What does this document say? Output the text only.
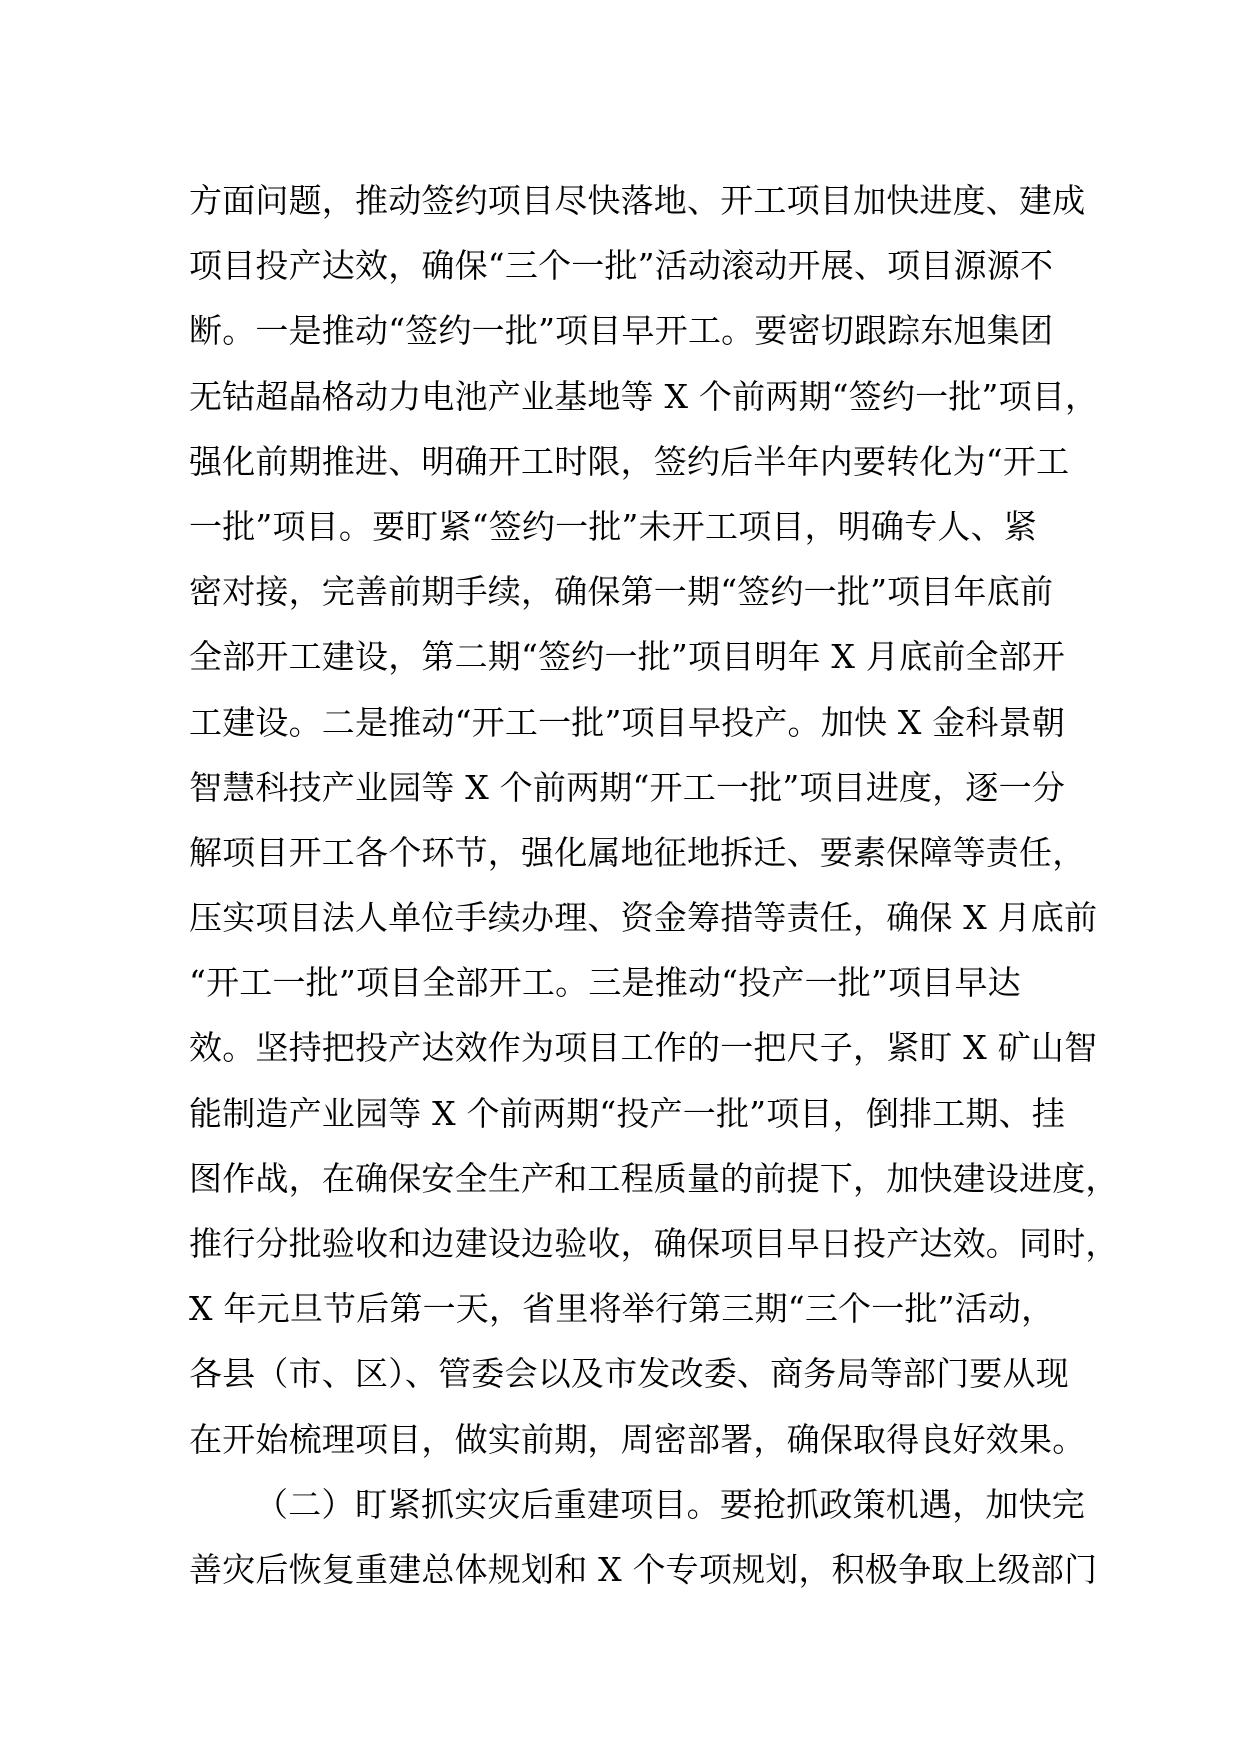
方面问题，推动签约项目尽快落地、开工项目加快进度、建成
项目投产达效，确保“三个一批”活动滚动开展、项目源源不
断。一是推动“签约一批”项目早开工。要密切跟踪东旭集团
无钴超晶格动力电池产业基地等 X 个前两期“签约一批”项目，
强化前期推进、明确开工时限，签约后半年内要转化为“开工
一批”项目。要盯紧“签约一批”未开工项目，明确专人、紧
密对接，完善前期手续，确保第一期“签约一批”项目年底前
全部开工建设，第二期“签约一批”项目明年 X 月底前全部开
工建设。二是推动“开工一批”项目早投产。加快 X 金科景朝
智慧科技产业园等 X 个前两期“开工一批”项目进度，逐一分
解项目开工各个环节，强化属地征地拆迁、要素保障等责任，
压实项目法人单位手续办理、资金筹措等责任，确保 X 月底前
“开工一批”项目全部开工。三是推动“投产一批”项目早达
效。坚持把投产达效作为项目工作的一把尺子，紧盯 X 矿山智
能制造产业园等 X 个前两期“投产一批”项目，倒排工期、挂
图作战，在确保安全生产和工程质量的前提下，加快建设进度，
推行分批验收和边建设边验收，确保项目早日投产达效。同时，
X 年元旦节后第一天，省里将举行第三期“三个一批”活动，
各县（市、区）、管委会以及市发改委、商务局等部门要从现
在开始梳理项目，做实前期，周密部署，确保取得良好效果。
（二）盯紧抓实灾后重建项目。要抢抓政策机遇，加快完
善灾后恢复重建总体规划和 X 个专项规划，积极争取上级部门
